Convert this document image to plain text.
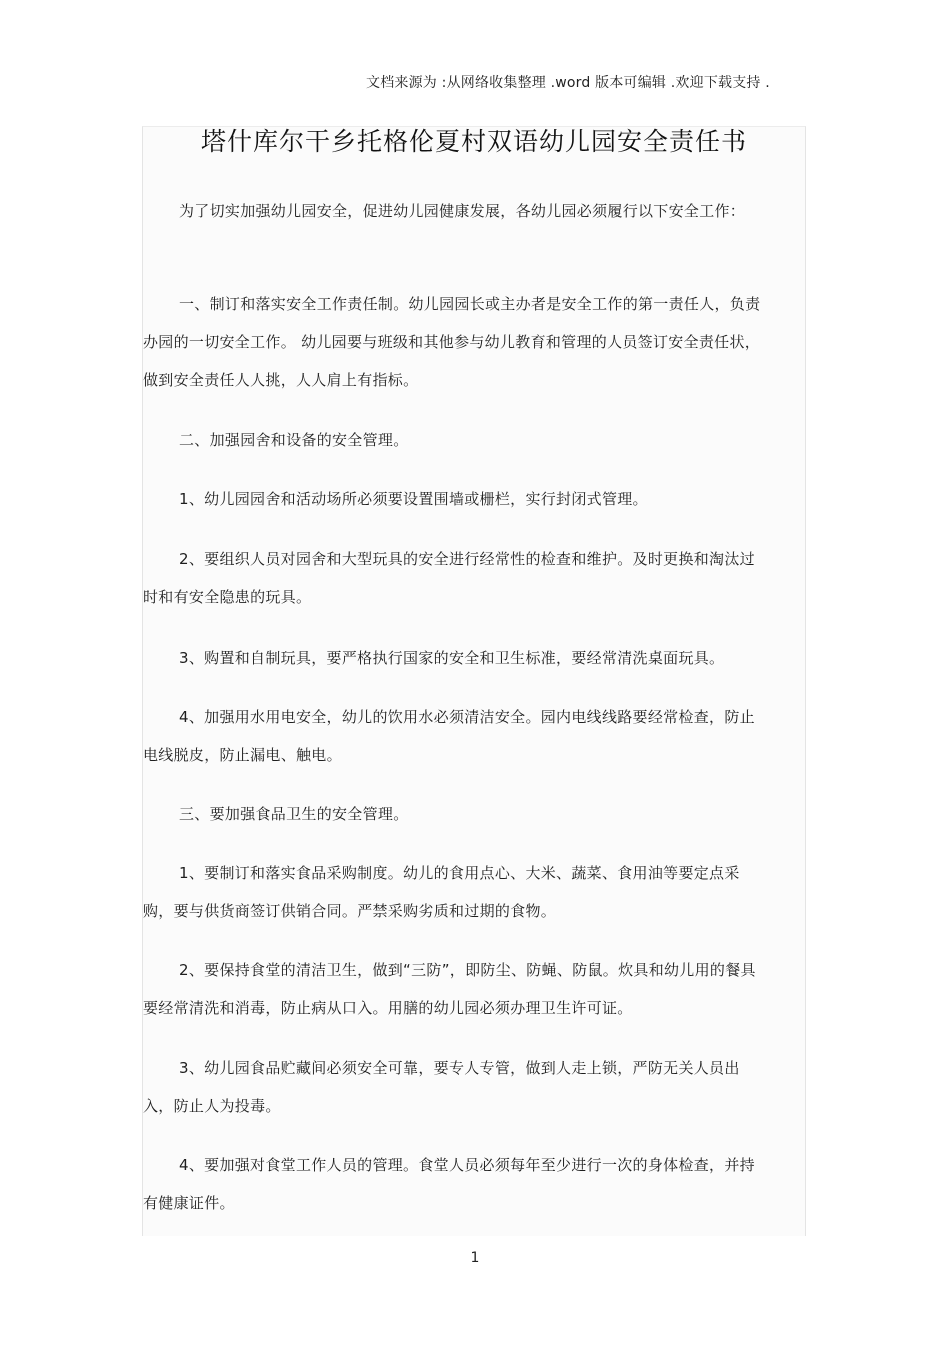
文档来源为 :从网络收集整理 .word 版本可编辑 .欢迎下载支持 .
塔什库尔干乡托格伦夏村双语幼儿园安全责任书

为了切实加强幼儿园安全，促进幼儿园健康发展，各幼儿园必须履行以下安全工作：

一、制订和落实安全工作责任制。幼儿园园长或主办者是安全工作的第一责任人，负责办园的一切安全工作。 幼儿园要与班级和其他参与幼儿教育和管理的人员签订安全责任状，做到安全责任人人挑，人人肩上有指标。

二、加强园舍和设备的安全管理。

1、幼儿园园舍和活动场所必须要设置围墙或栅栏，实行封闭式管理。

2、要组织人员对园舍和大型玩具的安全进行经常性的检查和维护。及时更换和淘汰过时和有安全隐患的玩具。

3、购置和自制玩具，要严格执行国家的安全和卫生标准，要经常清洗桌面玩具。

4、加强用水用电安全，幼儿的饮用水必须清洁安全。园内电线线路要经常检查，防止电线脱皮，防止漏电、触电。

三、要加强食品卫生的安全管理。

1、要制订和落实食品采购制度。幼儿的食用点心、大米、蔬菜、食用油等要定点采购，要与供货商签订供销合同。严禁采购劣质和过期的食物。

2、要保持食堂的清洁卫生，做到“三防”，即防尘、防蝇、防鼠。炊具和幼儿用的餐具要经常清洗和消毒，防止病从口入。用膳的幼儿园必须办理卫生许可证。

3、幼儿园食品贮藏间必须安全可靠，要专人专管，做到人走上锁，严防无关人员出入，防止人为投毒。

4、要加强对食堂工作人员的管理。食堂人员必须每年至少进行一次的身体检查，并持有健康证件。

1
